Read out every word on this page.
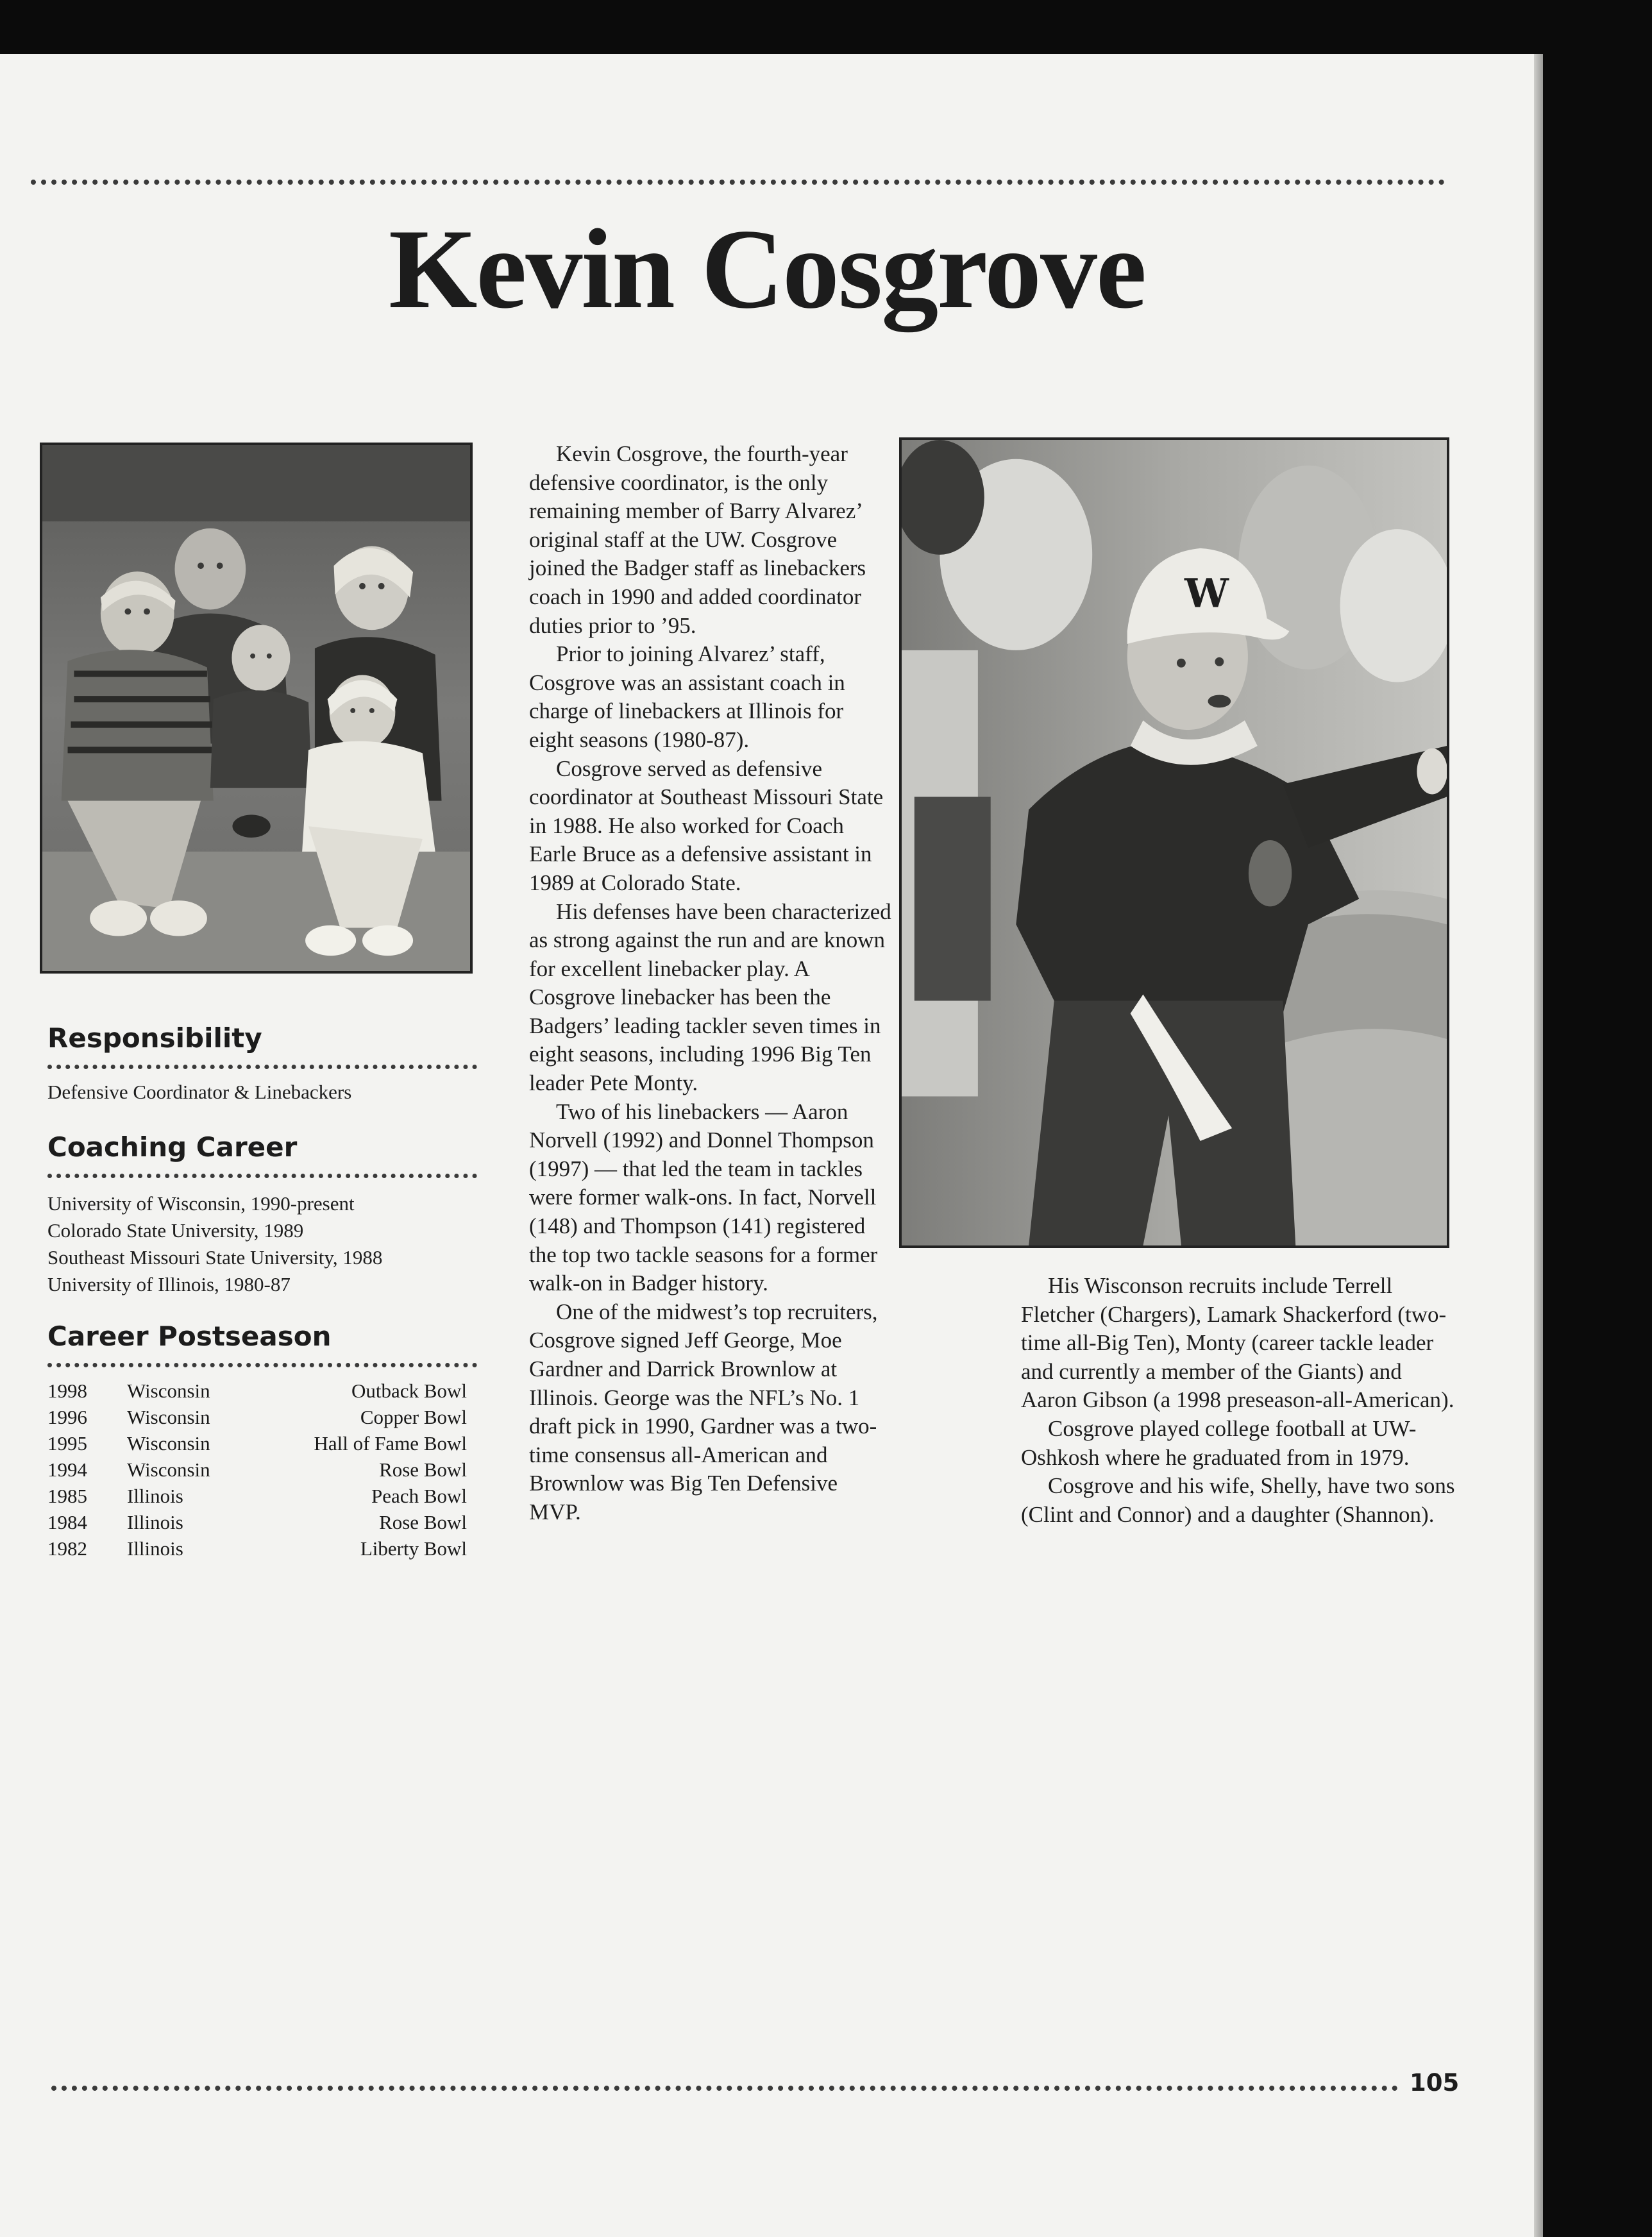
Kevin Cosgrove
Responsibility
Defensive Coordinator & Linebackers
Coaching Career
University of Wisconsin, 1990-present
Colorado State University, 1989
Southeast Missouri State University, 1988
University of Illinois, 1980-87
Career Postseason
1998	Wisconsin	Outback Bowl
1996	Wisconsin	Copper Bowl
1995	Wisconsin	Hall of Fame Bowl
1994	Wisconsin	Rose Bowl
1985	Illinois	Peach Bowl
1984	Illinois	Rose Bowl
1982	Illinois	Liberty Bowl

Kevin Cosgrove, the fourth-year defensive coordinator, is the only remaining member of Barry Alvarez’ original staff at the UW. Cosgrove joined the Badger staff as linebackers coach in 1990 and added coordinator duties prior to ’95.

Prior to joining Alvarez’ staff, Cosgrove was an assistant coach in charge of linebackers at Illinois for eight seasons (1980-87).

Cosgrove served as defensive coordinator at Southeast Missouri State in 1988. He also worked for Coach Earle Bruce as a defensive assistant in 1989 at Colorado State.

His defenses have been characterized as strong against the run and are known for excellent linebacker play. A Cosgrove linebacker has been the Badgers’ leading tackler seven times in eight seasons, including 1996 Big Ten leader Pete Monty.

Two of his linebackers — Aaron Norvell (1992) and Donnel Thompson (1997) — that led the team in tackles were former walk-ons. In fact, Norvell (148) and Thompson (141) registered the top two tackle seasons for a former walk-on in Badger history.

One of the midwest’s top recruiters, Cosgrove signed Jeff George, Moe Gardner and Darrick Brownlow at Illinois. George was the NFL’s No. 1 draft pick in 1990, Gardner was a two-time consensus all-American and Brownlow was Big Ten Defensive MVP.

W

His Wisconson recruits include Terrell Fletcher (Chargers), Lamark Shackerford (two-time all-Big Ten), Monty (career tackle leader and currently a member of the Giants) and Aaron Gibson (a 1998 preseason-all-American).

Cosgrove played college football at UW-Oshkosh where he graduated from in 1979.

Cosgrove and his wife, Shelly, have two sons (Clint and Connor) and a daughter (Shannon).

105
